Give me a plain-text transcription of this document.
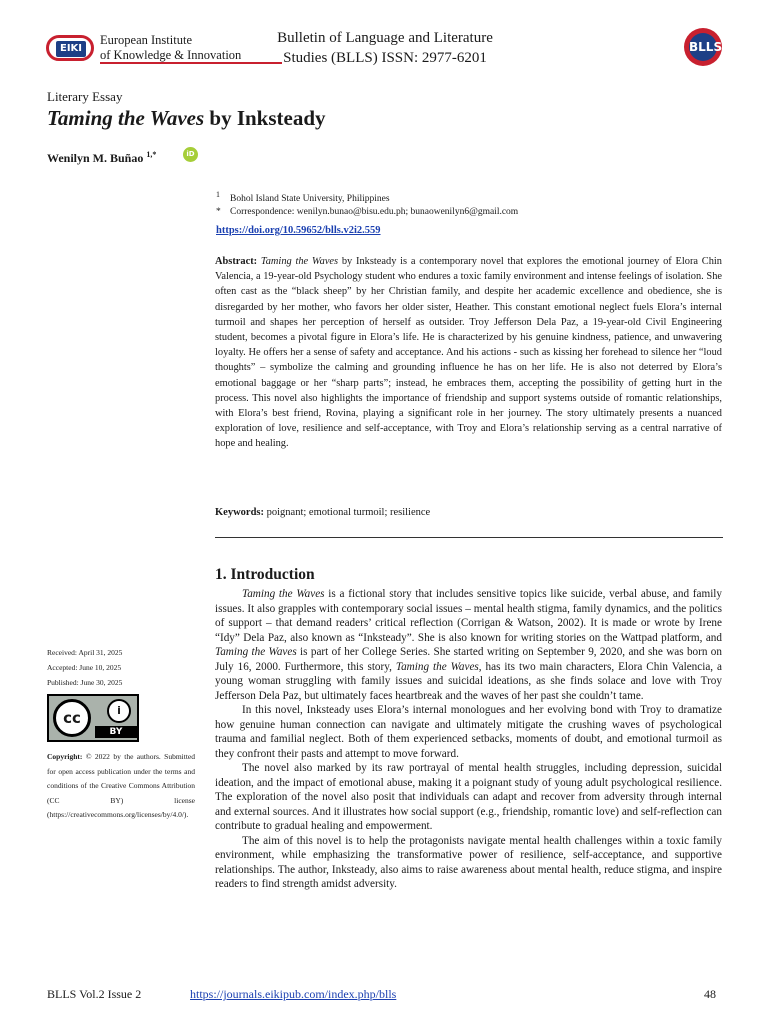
EIKI
European Institute
of Knowledge & Innovation
Bulletin of Language and Literature
Studies (BLLS) ISSN: 2977-6201
BLLS
Literary Essay
Taming the Waves by Inksteady
Wenilyn M. Buñao $^{1,*}$	iD
$^1$ Bohol Island State University, Philippines
* Correspondence: wenilyn.bunao@bisu.edu.ph; bunaowenilyn6@gmail.com
https://doi.org/10.59652/blls.v2i2.559
Abstract: Taming the Waves by Inksteady is a contemporary novel that explores the emotional journey of Elora Chin Valencia, a 19-year-old Psychology student who endures a toxic family environment and intense feelings of isolation. She often cast as the “black sheep” by her Christian family, and despite her academic excellence and obedience, she is disregarded by her mother, who favors her older sister, Heather. This constant emotional neglect fuels Elora’s internal turmoil and shapes her perception of herself as outsider. Troy Jefferson Dela Paz, a 19-year-old Civil Engineering student, becomes a pivotal figure in Elora’s life. He is characterized by his genuine kindness, patience, and unwavering loyalty. He offers her a sense of safety and acceptance. And his actions - such as kissing her forehead to silence her “loud thoughts” – symbolize the calming and grounding influence he has on her life. He is also not deterred by Elora’s emotional baggage or her “sharp parts”; instead, he embraces them, accepting the possibility of getting hurt in the process. This novel also highlights the importance of friendship and support systems outside of romantic relationships, with Elora’s best friend, Rovina, playing a significant role in her journey. The story ultimately presents a nuanced exploration of love, resilience and self-acceptance, with Troy and Elora’s relationship serving as a central narrative of hope and healing.
Keywords: poignant; emotional turmoil; resilience
1. Introduction

Taming the Waves is a fictional story that includes sensitive topics like suicide, verbal abuse, and family issues. It also grapples with contemporary social issues – mental health stigma, family dynamics, and the politics of support – that demand readers’ critical reflection (Corrigan & Watson, 2002). It is made or wrote by Irene “Idy” Dela Paz, also known as “Inksteady”. She is also known for writing stories on the Wattpad platform, and Taming the Waves is part of her College Series. She started writing on September 9, 2020, and she was born on July 16, 2000. Furthermore, this story, Taming the Waves, has its two main characters, Elora Chin Valencia, a young woman struggling with family issues and suicidal ideations, as she finds solace and love with Troy Jefferson Dela Paz, but ultimately faces heartbreak and the waves of her past she couldn’t tame.

In this novel, Inksteady uses Elora’s internal monologues and her evolving bond with Troy to dramatize how genuine human connection can navigate and ultimately mitigate the crushing waves of psychological trauma and familial neglect. Both of them experienced setbacks, moments of doubt, and emotional turmoil as they confront their pasts and attempt to move forward.

The novel also marked by its raw portrayal of mental health struggles, including depression, suicidal ideation, and the impact of emotional abuse, making it a poignant study of young adult psychological resilience. The exploration of the novel also posit that individuals can adapt and recover from adversity through internal and external sources. And it illustrates how social support (e.g., friendship, romantic love) and self-reflection can contribute to gradual healing and empowerment.

The aim of this novel is to help the protagonists navigate mental health challenges within a toxic family environment, while emphasizing the transformative power of resilience, self-acceptance, and supportive relationships. The author, Inksteady, also aims to raise awareness about mental health, reduce stigma, and inspire readers to find strength amidst adversity.

Received: April 31, 2025
Accepted: June 10, 2025
Published: June 30, 2025
cc	i
BY
Copyright: © 2022 by the authors. Submitted for open access publication under the terms and conditions of the Creative Commons Attribution (CC BY) license (https://creativecommons.org/licenses/by/4.0/).
BLLS Vol.2 Issue 2	https://journals.eikipub.com/index.php/blls	48
